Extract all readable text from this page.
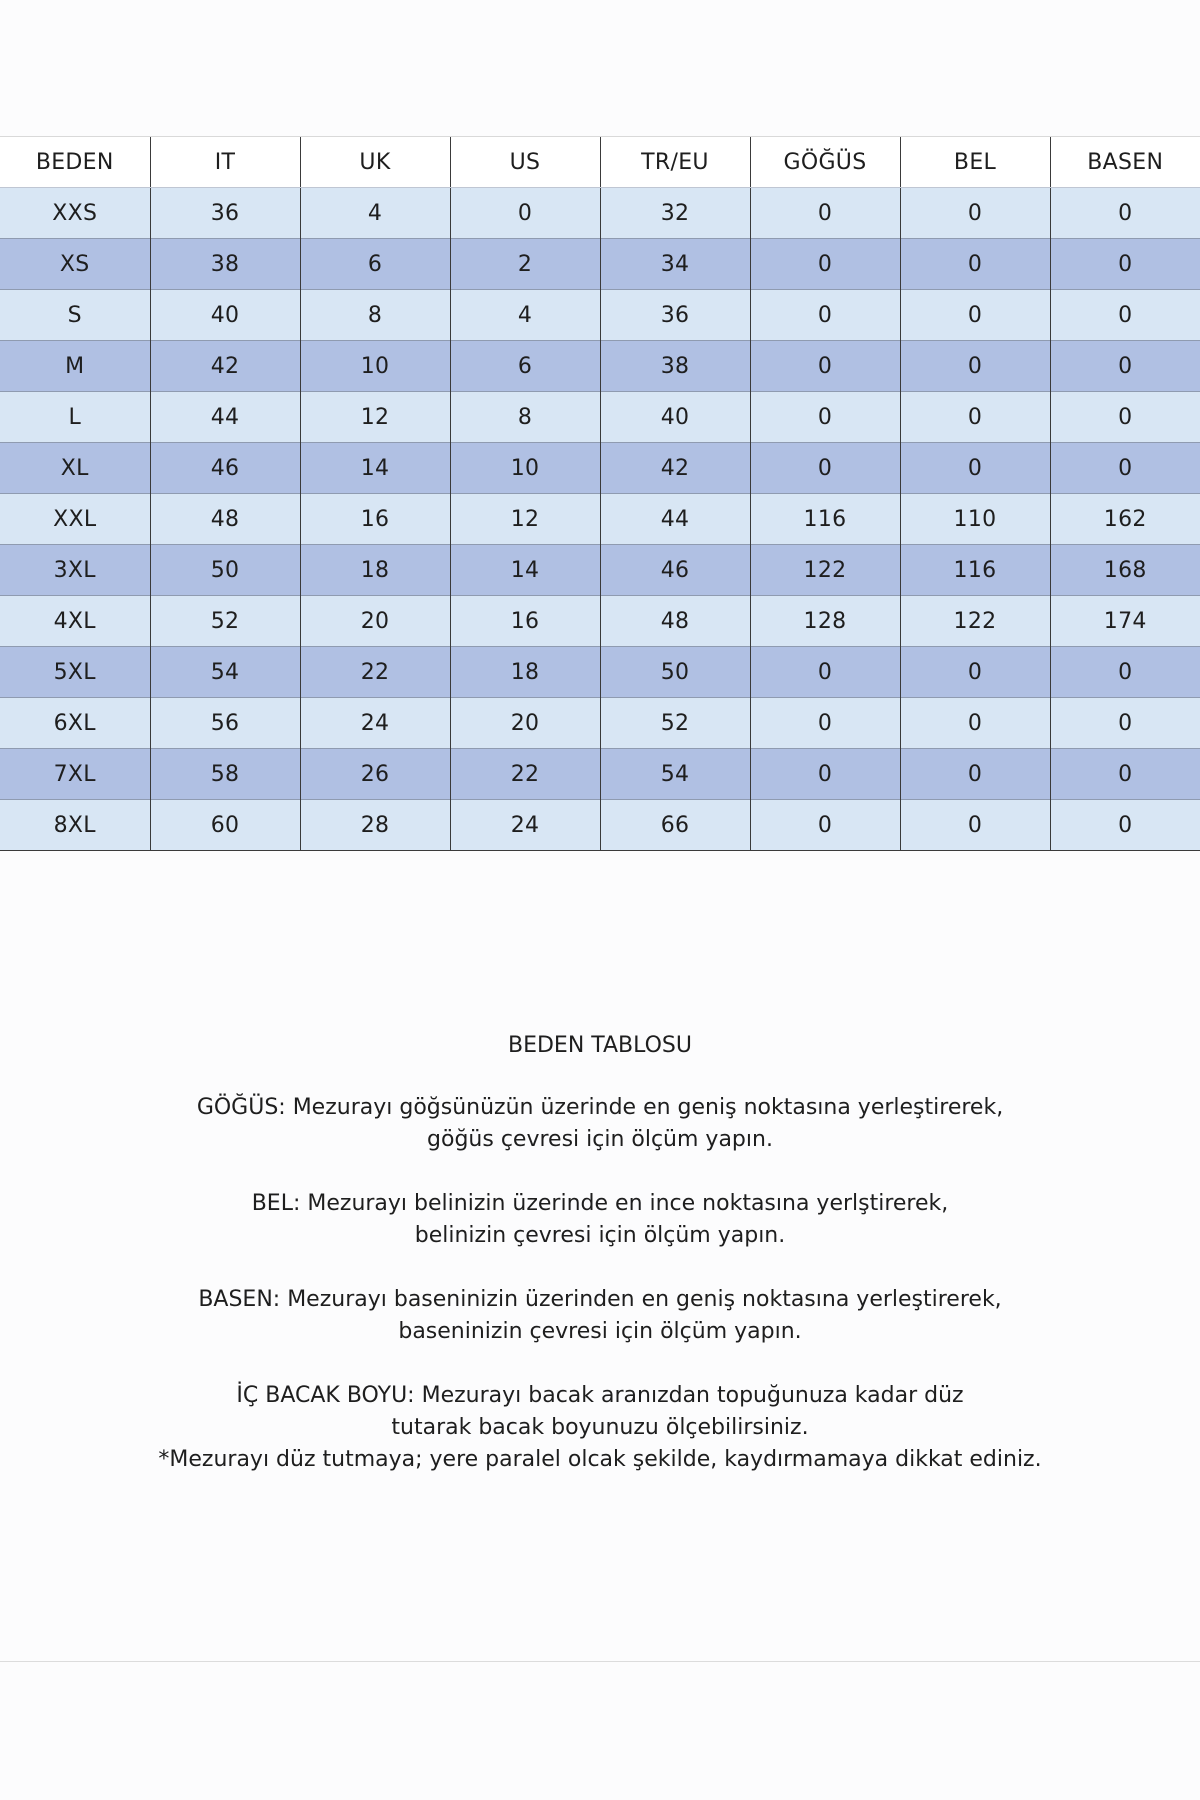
BEDEN	IT	UK	US	TR/EU	GÖĞÜS	BEL	BASEN
XXS	36	4	0	32	0	0	0
XS	38	6	2	34	0	0	0
S	40	8	4	36	0	0	0
M	42	10	6	38	0	0	0
L	44	12	8	40	0	0	0
XL	46	14	10	42	0	0	0
XXL	48	16	12	44	116	110	162
3XL	50	18	14	46	122	116	168
4XL	52	20	16	48	128	122	174
5XL	54	22	18	50	0	0	0
6XL	56	24	20	52	0	0	0
7XL	58	26	22	54	0	0	0
8XL	60	28	24	66	0	0	0
BEDEN TABLOSU
GÖĞÜS: Mezurayı göğsünüzün üzerinde en geniş noktasına yerleştirerek,
göğüs çevresi için ölçüm yapın.
BEL: Mezurayı belinizin üzerinde en ince noktasına yerlştirerek,
belinizin çevresi için ölçüm yapın.
BASEN: Mezurayı baseninizin üzerinden en geniş noktasına yerleştirerek,
baseninizin çevresi için ölçüm yapın.
İÇ BACAK BOYU: Mezurayı bacak aranızdan topuğunuza kadar düz
tutarak bacak boyunuzu ölçebilirsiniz.
*Mezurayı düz tutmaya; yere paralel olcak şekilde, kaydırmamaya dikkat ediniz.
